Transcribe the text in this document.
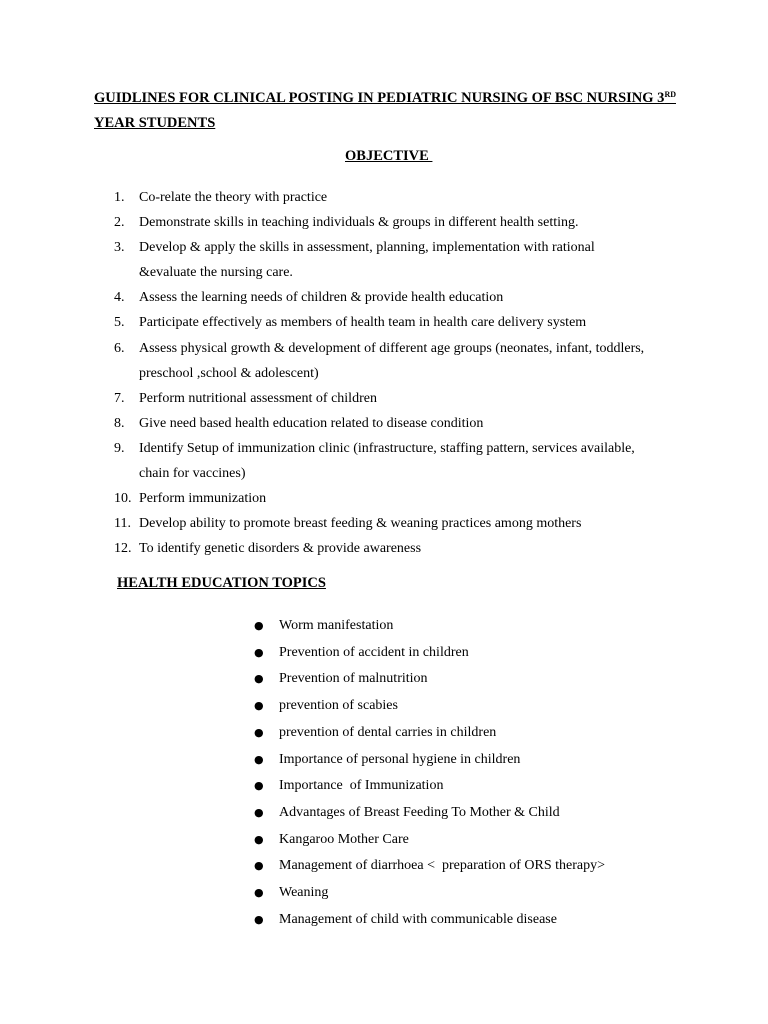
GUIDLINES FOR CLINICAL POSTING IN PEDIATRIC NURSING OF BSC NURSING 3RD YEAR STUDENTS
OBJECTIVE
1. Co-relate the theory with practice
2. Demonstrate skills in teaching individuals & groups in different health setting.
3. Develop & apply the skills in assessment, planning, implementation with rational &evaluate the nursing care.
4. Assess the learning needs of children & provide health education
5. Participate effectively as members of health team in health care delivery system
6. Assess physical growth & development of different age groups (neonates, infant, toddlers, preschool ,school & adolescent)
7. Perform nutritional assessment of children
8. Give need based health education related to disease condition
9. Identify Setup of immunization clinic (infrastructure, staffing pattern, services available, chain for vaccines)
10. Perform immunization
11. Develop ability to promote breast feeding & weaning practices among mothers
12. To identify genetic disorders & provide awareness
HEALTH EDUCATION TOPICS
● Worm manifestation
● Prevention of accident in children
● Prevention of malnutrition
● prevention of scabies
● prevention of dental carries in children
● Importance of personal hygiene in children
● Importance  of Immunization
● Advantages of Breast Feeding To Mother & Child
● Kangaroo Mother Care
● Management of diarrhoea <  preparation of ORS therapy>
● Weaning
● Management of child with communicable disease
